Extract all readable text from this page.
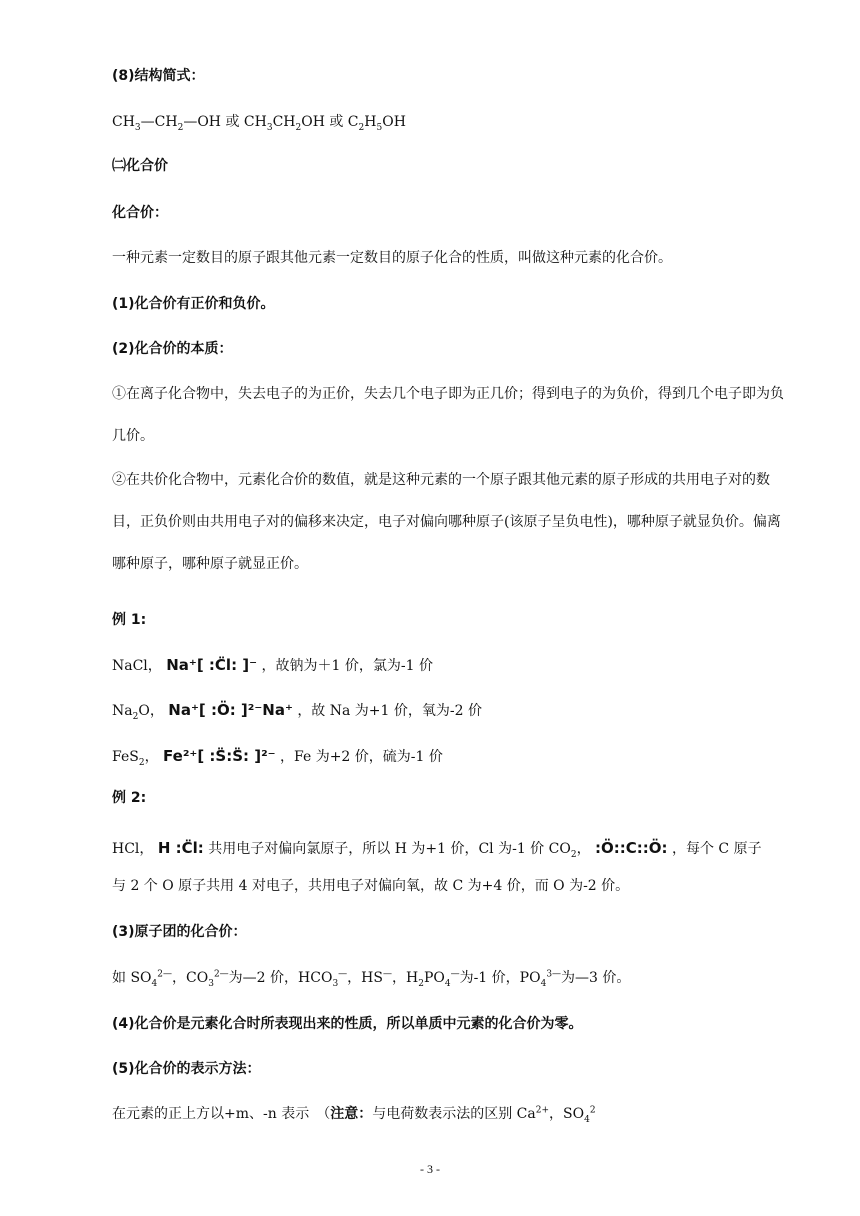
(8)结构简式：
$CH_3—CH_2—OH$ 或 $CH_3CH_2OH$ 或 $C_2H_5OH$
㈡化合价
化合价：
一种元素一定数目的原子跟其他元素一定数目的原子化合的性质，叫做这种元素的化合价。
(1)化合价有正价和负价。
(2)化合价的本质：
①在离子化合物中，失去电子的为正价，失去几个电子即为正几价；得到电子的为负价，得到几个电子即为负几价。
②在共价化合物中，元素化合价的数值，就是这种元素的一个原子跟其他元素的原子形成的共用电子对的数目，正负价则由共用电子对的偏移来决定，电子对偏向哪种原子(该原子呈负电性)，哪种原子就显负价。偏离哪种原子，哪种原子就显正价。
例 1:
NaCl， Na⁺[ :C̈l: ]⁻ ，故钠为＋1 价，氯为-1 价
$Na_2O$， Na⁺[ :Ö: ]²⁻Na⁺ ，故 Na 为+1 价，氧为-2 价
FeS$_2$， Fe²⁺[ :S̈:S̈: ]²⁻ ，Fe 为+2 价，硫为-1 价
例 2:
HCl， H :C̈l: 共用电子对偏向氯原子，所以 H 为+1 价，Cl 为-1 价 $CO_2$， :Ö::C::Ö: ，每个 C 原子
与 2 个 O 原子共用 4 对电子，共用电子对偏向氧，故 C 为+4 价，而 O 为-2 价。
(3)原子团的化合价：
如 $SO_4^{2—}$，$CO_3^{2—}$为—2 价，$HCO_3^—$，HS—，$H_2PO_4^—$为-1 价，$PO_4^{3—}$为—3 价。
(4)化合价是元素化合时所表现出来的性质，所以单质中元素的化合价为零。
(5)化合价的表示方法：
在元素的正上方以+m、-n 表示　（注意：与电荷数表示法的区别 $Ca^{2+}$，$SO_4^2$
- 3 -
